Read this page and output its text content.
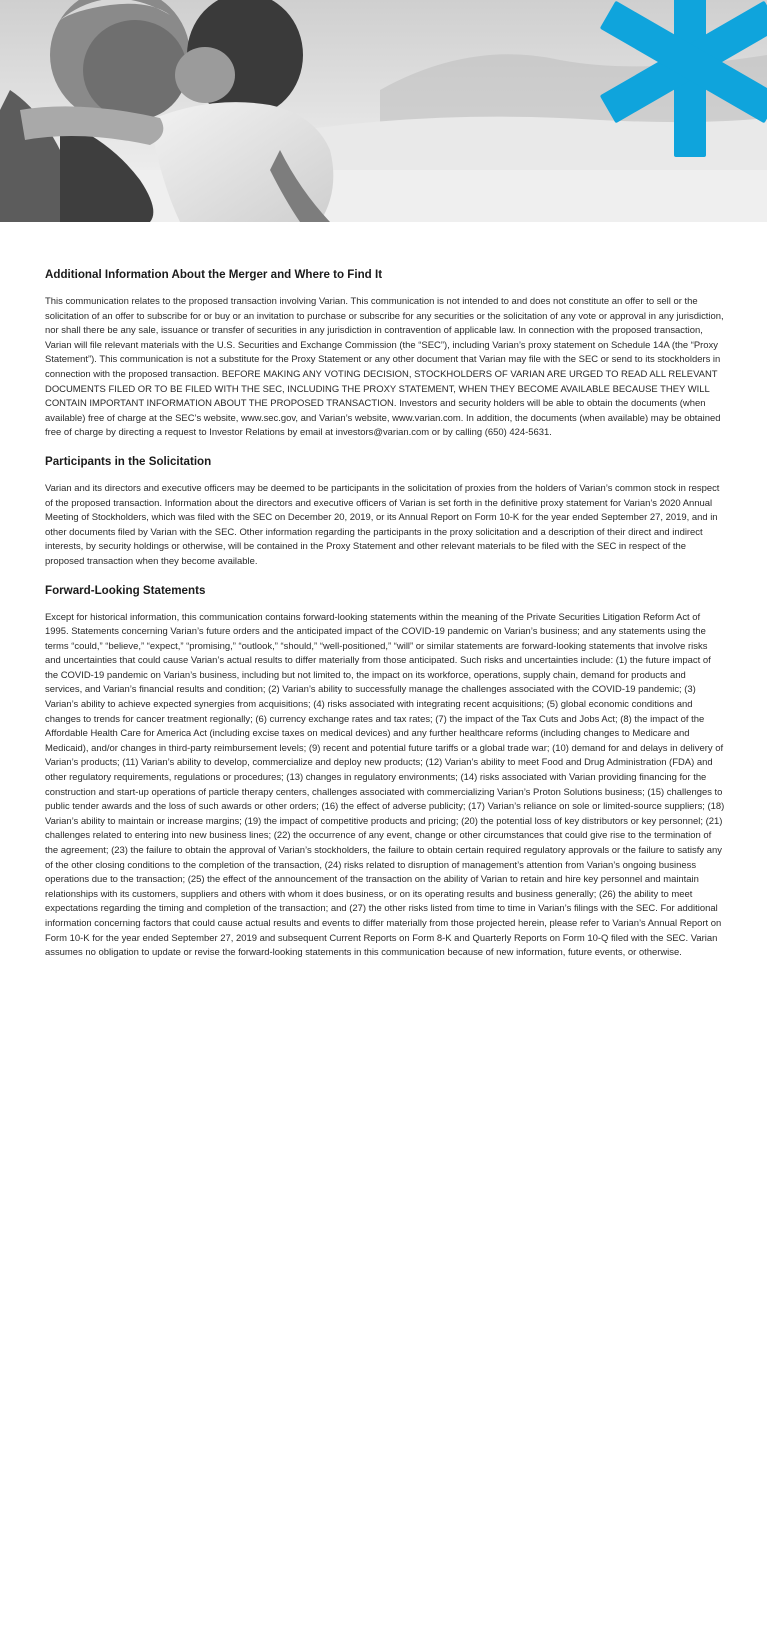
Additional Information About the Merger and Where to Find It

This communication relates to the proposed transaction involving Varian. This communication is not intended to and does not constitute an offer to sell or the solicitation of an offer to subscribe for or buy or an invitation to purchase or subscribe for any securities or the solicitation of any vote or approval in any jurisdiction, nor shall there be any sale, issuance or transfer of securities in any jurisdiction in contravention of applicable law. In connection with the proposed transaction, Varian will file relevant materials with the U.S. Securities and Exchange Commission (the “SEC”), including Varian’s proxy statement on Schedule 14A (the “Proxy Statement”). This communication is not a substitute for the Proxy Statement or any other document that Varian may file with the SEC or send to its stockholders in connection with the proposed transaction. BEFORE MAKING ANY VOTING DECISION, STOCKHOLDERS OF VARIAN ARE URGED TO READ ALL RELEVANT DOCUMENTS FILED OR TO BE FILED WITH THE SEC, INCLUDING THE PROXY STATEMENT, WHEN THEY BECOME AVAILABLE BECAUSE THEY WILL CONTAIN IMPORTANT INFORMATION ABOUT THE PROPOSED TRANSACTION. Investors and security holders will be able to obtain the documents (when available) free of charge at the SEC’s website, www.sec.gov, and Varian’s website, www.varian.com. In addition, the documents (when available) may be obtained free of charge by directing a request to Investor Relations by email at investors@varian.com or by calling (650) 424-5631.

Participants in the Solicitation

Varian and its directors and executive officers may be deemed to be participants in the solicitation of proxies from the holders of Varian’s common stock in respect of the proposed transaction. Information about the directors and executive officers of Varian is set forth in the definitive proxy statement for Varian’s 2020 Annual Meeting of Stockholders, which was filed with the SEC on December 20, 2019, or its Annual Report on Form 10-K for the year ended September 27, 2019, and in other documents filed by Varian with the SEC. Other information regarding the participants in the proxy solicitation and a description of their direct and indirect interests, by security holdings or otherwise, will be contained in the Proxy Statement and other relevant materials to be filed with the SEC in respect of the proposed transaction when they become available.

Forward-Looking Statements

Except for historical information, this communication contains forward-looking statements within the meaning of the Private Securities Litigation Reform Act of 1995. Statements concerning Varian’s future orders and the anticipated impact of the COVID-19 pandemic on Varian’s business; and any statements using the terms “could,” “believe,” “expect,” “promising,” “outlook,” “should,” “well-positioned,” “will” or similar statements are forward-looking statements that involve risks and uncertainties that could cause Varian’s actual results to differ materially from those anticipated. Such risks and uncertainties include: (1) the future impact of the COVID-19 pandemic on Varian’s business, including but not limited to, the impact on its workforce, operations, supply chain, demand for products and services, and Varian’s financial results and condition; (2) Varian’s ability to successfully manage the challenges associated with the COVID-19 pandemic; (3) Varian’s ability to achieve expected synergies from acquisitions; (4) risks associated with integrating recent acquisitions; (5) global economic conditions and changes to trends for cancer treatment regionally; (6) currency exchange rates and tax rates; (7) the impact of the Tax Cuts and Jobs Act; (8) the impact of the Affordable Health Care for America Act (including excise taxes on medical devices) and any further healthcare reforms (including changes to Medicare and Medicaid), and/or changes in third-party reimbursement levels; (9) recent and potential future tariffs or a global trade war; (10) demand for and delays in delivery of Varian’s products; (11) Varian’s ability to develop, commercialize and deploy new products; (12) Varian’s ability to meet Food and Drug Administration (FDA) and other regulatory requirements, regulations or procedures; (13) changes in regulatory environments; (14) risks associated with Varian providing financing for the construction and start-up operations of particle therapy centers, challenges associated with commercializing Varian’s Proton Solutions business; (15) challenges to public tender awards and the loss of such awards or other orders; (16) the effect of adverse publicity; (17) Varian’s reliance on sole or limited-source suppliers; (18) Varian’s ability to maintain or increase margins; (19) the impact of competitive products and pricing; (20) the potential loss of key distributors or key personnel; (21) challenges related to entering into new business lines; (22) the occurrence of any event, change or other circumstances that could give rise to the termination of the agreement; (23) the failure to obtain the approval of Varian’s stockholders, the failure to obtain certain required regulatory approvals or the failure to satisfy any of the other closing conditions to the completion of the transaction, (24) risks related to disruption of management’s attention from Varian’s ongoing business operations due to the transaction; (25) the effect of the announcement of the transaction on the ability of Varian to retain and hire key personnel and maintain relationships with its customers, suppliers and others with whom it does business, or on its operating results and business generally; (26) the ability to meet expectations regarding the timing and completion of the transaction; and (27) the other risks listed from time to time in Varian’s filings with the SEC. For additional information concerning factors that could cause actual results and events to differ materially from those projected herein, please refer to Varian’s Annual Report on Form 10-K for the year ended September 27, 2019 and subsequent Current Reports on Form 8-K and Quarterly Reports on Form 10-Q filed with the SEC. Varian assumes no obligation to update or revise the forward-looking statements in this communication because of new information, future events, or otherwise.
